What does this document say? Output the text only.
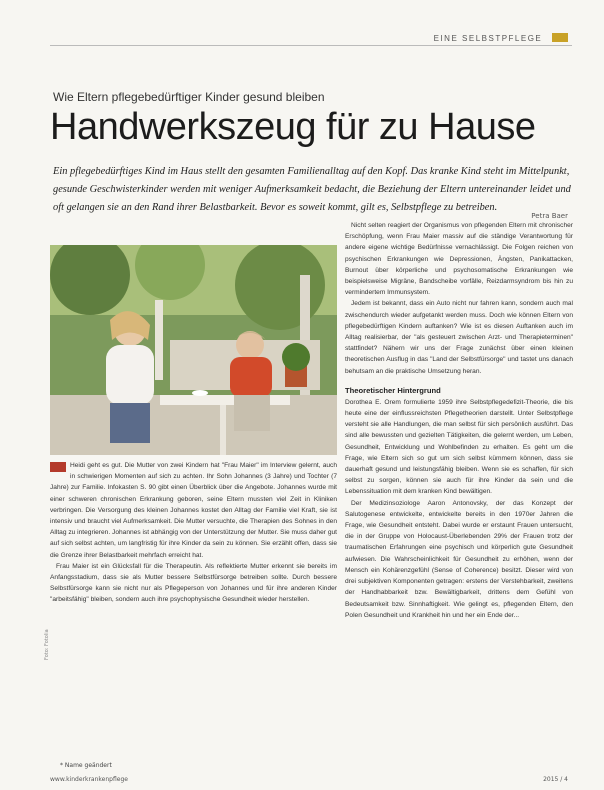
EINE SELBSTPFLEGE
Wie Eltern pflegebedürftiger Kinder gesund bleiben
Handwerkszeug für zu Hause
Ein pflegebedürftiges Kind im Haus stellt den gesamten Familienalltag auf den Kopf. Das kranke Kind steht im Mittelpunkt, gesunde Geschwisterkinder werden mit weniger Aufmerksamkeit bedacht, die Beziehung der Eltern untereinander leidet und oft gelangen sie an den Rand ihrer Belastbarkeit. Bevor es soweit kommt, gilt es, Selbstpflege zu betreiben.
Petra Baer

Heidi geht es gut. Die Mutter von zwei Kindern hat "Frau Maier" im Interview gelernt, auch in schwierigen Momenten auf sich zu achten. Ihr Sohn Johannes (3 Jahre) und Tochter (7 Jahre) zur Familie. Infokasten S. 90 gibt einen Überblick über die Angebote. Johannes wurde mit einer schweren chronischen Erkrankung geboren, seine Eltern mussten viel Zeit in Kliniken verbringen. Die Versorgung des kleinen Johannes kostet den Alltag der Familie viel Kraft, sie ist intensiv und braucht viel Aufmerksamkeit. Die Mutter versuchte, die Therapien des Sohnes in den Alltag zu integrieren. Johannes ist abhängig von der Unterstützung der Mutter. Sie muss daher gut auf sich selbst achten, um langfristig für ihre Kinder da sein zu können. Sie erzählt offen, dass sie die Grenze ihrer Belastbarkeit mehrfach erreicht hat.

Frau Maier ist ein Glücksfall für die Therapeutin. Als reflektierte Mutter erkennt sie bereits im Anfangsstadium, dass sie als Mutter bessere Selbstfürsorge betreiben sollte. Durch bessere Selbstfürsorge kann sie nicht nur als Pflegeperson von Johannes und für ihre anderen Kinder "arbeitsfähig" bleiben, sondern auch ihre psychophysische Gesundheit wieder herstellen.

Nicht selten reagiert der Organismus von pflegenden Eltern mit chronischer Erschöpfung, wenn Frau Maier massiv auf die ständige Verantwortung für andere eigene wichtige Bedürfnisse vernachlässigt. Die Folgen reichen von psychischen Erkrankungen wie Depressionen, Ängsten, Panikattacken, Burnout über körperliche und psychosomatische Erkrankungen wie beispielsweise Migräne, Bandscheibe vorfälle, Reizdarmsyndrom bis hin zu vermindertem Immunsystem.

Jedem ist bekannt, dass ein Auto nicht nur fahren kann, sondern auch mal zwischendurch wieder aufgetankt werden muss. Doch wie können Eltern von pflegebedürftigen Kindern auftanken? Wie ist es diesen Auftanken auch im Alltag realisierbar, der "als gesteuert zwischen Arzt- und Therapieterminen" stattfindet? Nähern wir uns der Frage zunächst über einen kleinen theoretischen Ausflug in das "Land der Selbstfürsorge" und tastet uns danach behutsam an die praktische Umsetzung heran.

Theoretischer Hintergrund

Dorothea E. Orem formulierte 1959 ihre Selbstpflegedefizit-Theorie, die bis heute eine der einflussreichsten Pflegetheorien darstellt. Unter Selbstpflege versteht sie alle Handlungen, die man selbst für sich persönlich ausführt. Das sind alle bewussten und gezielten Tätigkeiten, die gelernt werden, um Leben, Gesundheit, Entwicklung und Wohlbefinden zu erhalten. Es geht um die Frage, wie Eltern sich so gut um sich selbst kümmern können, dass sie dauerhaft gesund und leistungsfähig bleiben. Wenn sie es schaffen, für sich selbst zu sorgen, können sie auch für ihre Kinder da sein und die Lebenssituation mit dem kranken Kind bewältigen.

Der Medizinsoziologe Aaron Antonovsky, der das Konzept der Salutogenese entwickelte, entwickelte bereits in den 1970er Jahren die Frage, wie Gesundheit entsteht. Dabei wurde er erstaunt Frauen untersucht, die in der Gruppe von Holocaust-Überlebenden 29% der Frauen trotz der traumatischen Erfahrungen eine psychisch und körperlich gute Gesundheit aufwiesen. Die Wahrscheinlichkeit für Gesundheit zu erhöhen, wenn der Mensch ein Kohärenzgefühl (Sense of Coherence) besitzt. Dieser wird von drei subjektiven Komponenten getragen: erstens der Verstehbarkeit, zweitens der Handhabbarkeit bzw. Bewältigbarkeit, drittens dem Gefühl von Bedeutsamkeit bzw. Sinnhaftigkeit. Wie gelingt es, pflegenden Eltern, den Polen Gesundheit und Krankheit hin und her ein Ende der...

* Name geändert
Foto: Fotolia
www.kinderkrankenpflege	2015 / 4
